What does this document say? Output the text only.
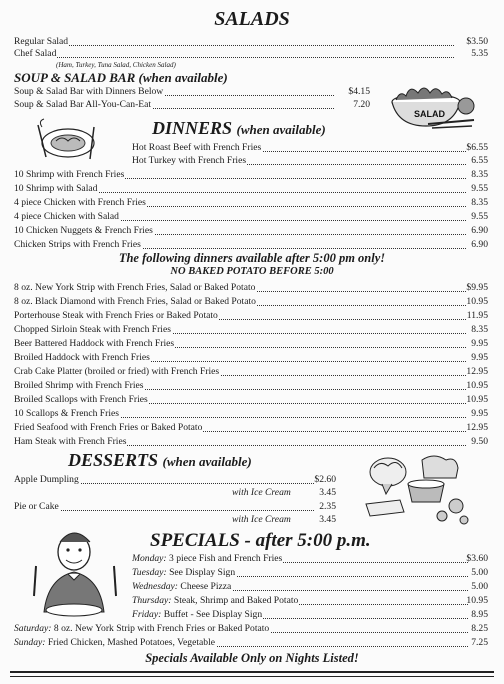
SALADS
Regular Salad	$3.50
Chef Salad	5.35
(Ham, Turkey, Tuna Salad, Chicken Salad)
SOUP & SALAD BAR (when available)
Soup & Salad Bar with Dinners Below	$4.15
Soup & Salad Bar All-You-Can-Eat	7.20
SALAD
DINNERS (when available)
Hot Roast Beef with French Fries	$6.55
Hot Turkey with French Fries	6.55
10 Shrimp with French Fries	8.35
10 Shrimp with Salad	9.55
4 piece Chicken with French Fries	8.35
4 piece Chicken with Salad	9.55
10 Chicken Nuggets & French Fries	6.90
Chicken Strips with French Fries	6.90
The following dinners available after 5:00 pm only!
NO BAKED POTATO BEFORE 5:00
8 oz. New York Strip with French Fries, Salad or Baked Potato	$9.95
8 oz. Black Diamond with French Fries, Salad or Baked Potato	10.95
Porterhouse Steak with French Fries or Baked Potato	11.95
Chopped Sirloin Steak with French Fries	8.35
Beer Battered Haddock with French Fries	9.95
Broiled Haddock with French Fries	9.95
Crab Cake Platter (broiled or fried) with French Fries	12.95
Broiled Shrimp with French Fries	10.95
Broiled Scallops with French Fries	10.95
10 Scallops & French Fries	9.95
Fried Seafood with French Fries or Baked Potato	12.95
Ham Steak with French Fries	9.50
DESSERTS (when available)
Apple Dumpling	$2.60
with Ice Cream	3.45
Pie or Cake	2.35
with Ice Cream	3.45
SPECIALS - after 5:00 p.m.
Monday: 3 piece Fish and French Fries	$3.60
Tuesday: See Display Sign	5.00
Wednesday: Cheese Pizza	5.00
Thursday: Steak, Shrimp and Baked Potato	10.95
Friday: Buffet - See Display Sign	8.95
Saturday: 8 oz. New York Strip with French Fries or Baked Potato	8.25
Sunday: Fried Chicken, Mashed Potatoes, Vegetable	7.25
Specials Available Only on Nights Listed!
